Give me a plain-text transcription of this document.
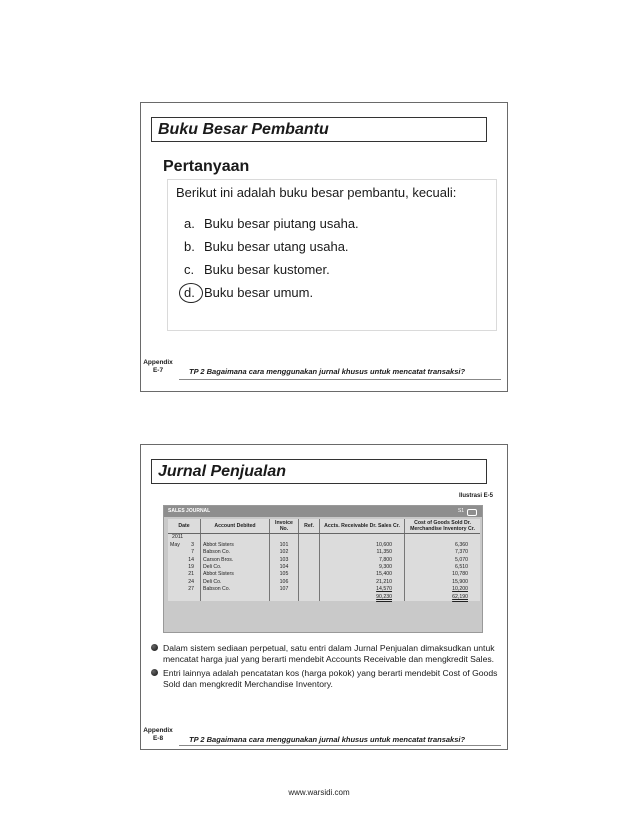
Buku Besar Pembantu
Pertanyaan
Berikut ini adalah buku besar pembantu, kecuali:
a. Buku besar piutang usaha.
b. Buku besar utang usaha.
c. Buku besar kustomer.
d. Buku besar umum.
Appendix
E-7	TP 2 Bagaimana cara menggunakan jurnal khusus untuk mencatat transaksi?
Jurnal Penjualan
Ilustrasi E-5
SALES JOURNAL	S1
Date	Account Debited	Invoice No.	Ref.	Accts. Receivable Dr. Sales Cr.	Cost of Goods Sold Dr. Merchandise Inventory Cr.
2011					
May 3	Abbot Sisters	101		10,600	6,360
7	Babson Co.	102		11,350	7,370
14	Carson Bros.	103		7,800	5,070
19	Deli Co.	104		9,300	6,510
21	Abbot Sisters	105		15,400	10,780
24	Deli Co.	106		21,210	15,900
27	Babson Co.	107		14,570	10,200
				90,230	62,190
Dalam sistem sediaan perpetual, satu entri dalam Jurnal Penjualan dimaksudkan untuk mencatat harga jual yang berarti mendebit Accounts Receivable dan mengkredit Sales.
Entri lainnya adalah pencatatan kos (harga pokok) yang berarti mendebit Cost of Goods Sold dan mengkredit Merchandise Inventory.
Appendix
E-8	TP 2 Bagaimana cara menggunakan jurnal khusus untuk mencatat transaksi?
www.warsidi.com
